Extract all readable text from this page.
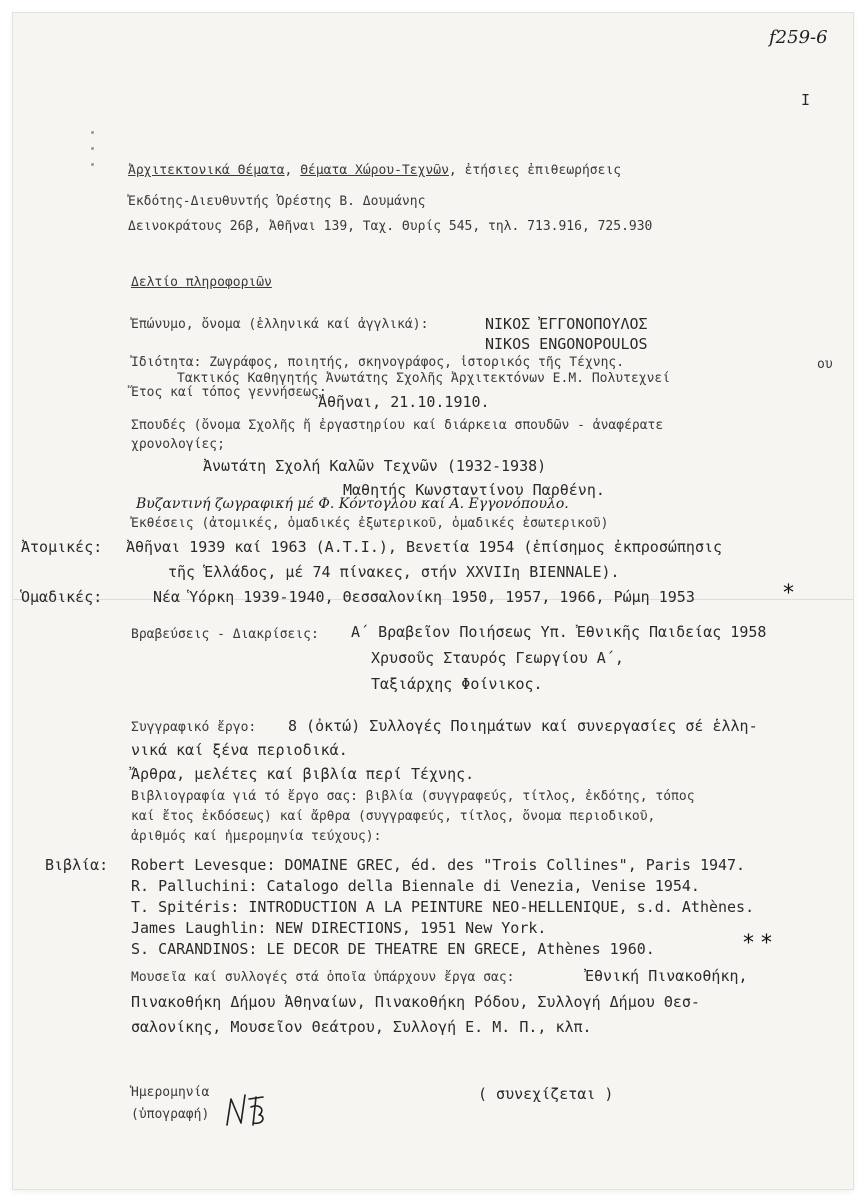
f259-6
I
Ἀρχιτεκτονικά Θέματα, Θέματα Χώρου-Τεχνῶν, ἐτήσιες ἐπιθεωρήσεις
Ἐκδότης-Διευθυντής Ὀρέστης Β. Δουμάνης
Δεινοκράτους 26β, Ἀθῆναι 139, Ταχ. Θυρίς 545, τηλ. 713.916, 725.930
Δελτίο πληροφοριῶν
Ἐπώνυμο, ὄνομα (ἑλληνικά καί ἀγγλικά):	ΝΙΚΟΣ ἘΓΓΟΝΟΠΟΥΛΟΣ
NIKOS ENGONOPOULOS
Ἰδιότητα: Ζωγράφος, ποιητής, σκηνογράφος, ἱστορικός τῆς Τέχνης.
Τακτικός Καθηγητής Ἀνωτάτης Σχολῆς Ἀρχιτεκτόνων Ε.Μ. Πολυτεχνεί
ου
Ἔτος καί τόπος γεννήσεως:
Ἀθῆναι, 21.10.1910.
Σπουδές (ὄνομα Σχολῆς ἤ ἐργαστηρίου καί διάρκεια σπουδῶν - ἀναφέρατε
χρονολογίες;
Ἀνωτάτη Σχολή Καλῶν Τεχνῶν (1932-1938)
Μαθητής Κωνσταντίνου Παρθένη.
Βυζαντινή ζωγραφική μέ Φ. Κόντογλου καί Α. Εγγονόπουλο.
Ἐκθέσεις (ἀτομικές, ὁμαδικές ἐξωτερικοῦ, ὁμαδικές ἐσωτερικοῦ)
Ἀτομικές: Ἀθῆναι 1939 καί 1963 (Α.Τ.Ι.), Βενετία 1954 (ἐπίσημος ἐκπροσώπησις
τῆς Ἑλλάδος, μέ 74 πίνακες, στήν XXVIIη BIENNALE).
Ὁμαδικές:	Νέα Ὑόρκη 1939-1940, Θεσσαλονίκη 1950, 1957, 1966, Ρώμη 1953	*
Βραβεύσεις - Διακρίσεις: Α΄ Βραβεῖον Ποιήσεως Υπ. Ἐθνικῆς Παιδείας 1958
Χρυσοῦς Σταυρός Γεωργίου Α΄,
Ταξιάρχης Φοίνικος.
Συγγραφικό ἔργο: 8 (ὀκτώ) Συλλογές Ποιημάτων καί συνεργασίες σέ ἑλλη-
νικά καί ξένα περιοδικά.
Ἄρθρα, μελέτες καί βιβλία περί Τέχνης.
Βιβλιογραφία γιά τό ἔργο σας: βιβλία (συγγραφεύς, τίτλος, ἐκδότης, τόπος
καί ἔτος ἐκδόσεως) καί ἄρθρα (συγγραφεύς, τίτλος, ὄνομα περιοδικοῦ,
ἀριθμός καί ἡμερομηνία τεύχους):
Βιβλία: Robert Levesque: DOMAINE GREC, éd. des "Trois Collines", Paris 1947.
R. Palluchini: Catalogo della Biennale di Venezia, Venise 1954.
T. Spitéris: INTRODUCTION A LA PEINTURE NEO-HELLENIQUE, s.d. Athènes.
James Laughlin: NEW DIRECTIONS, 1951 New York.
S. CARANDINOS: LE DECOR DE THEATRE EN GRECE, Athènes 1960.	* *
Μουσεῖα καί συλλογές στά ὁποῖα ὑπάρχουν ἔργα σας:	Ἐθνική Πινακοθήκη,
Πινακοθήκη Δήμου Ἀθηναίων, Πινακοθήκη Ρόδου, Συλλογή Δήμου Θεσ-
σαλονίκης, Μουσεῖον Θεάτρου, Συλλογή Ε. Μ. Π., κλπ.
Ἡμερομηνία
(ὑπογραφή)
( συνεχίζεται )
